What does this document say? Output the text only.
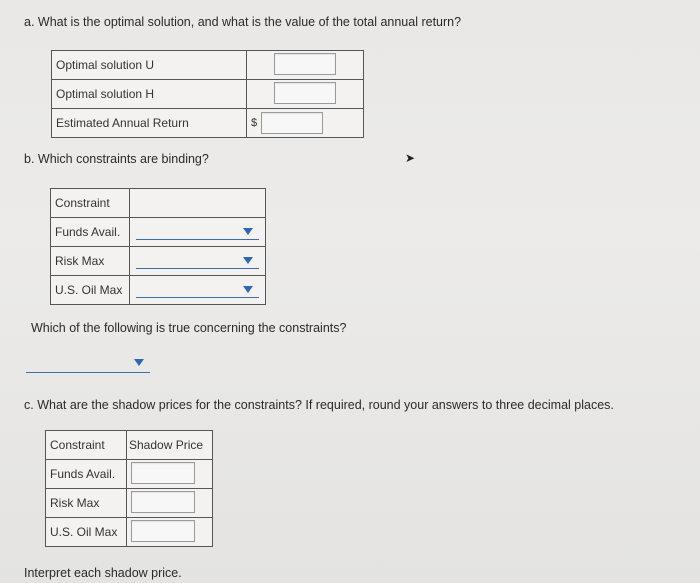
a. What is the optimal solution, and what is the value of the total annual return?
Optimal solution U	
Optimal solution H	
Estimated Annual Return	$
b. Which constraints are binding?	➤
Constraint	
Funds Avail.	

Risk Max	

U.S. Oil Max	
Which of the following is true concerning the constraints?
c. What are the shadow prices for the constraints? If required, round your answers to three decimal places.
Constraint	Shadow Price
Funds Avail.	
Risk Max	
U.S. Oil Max	
Interpret each shadow price.
